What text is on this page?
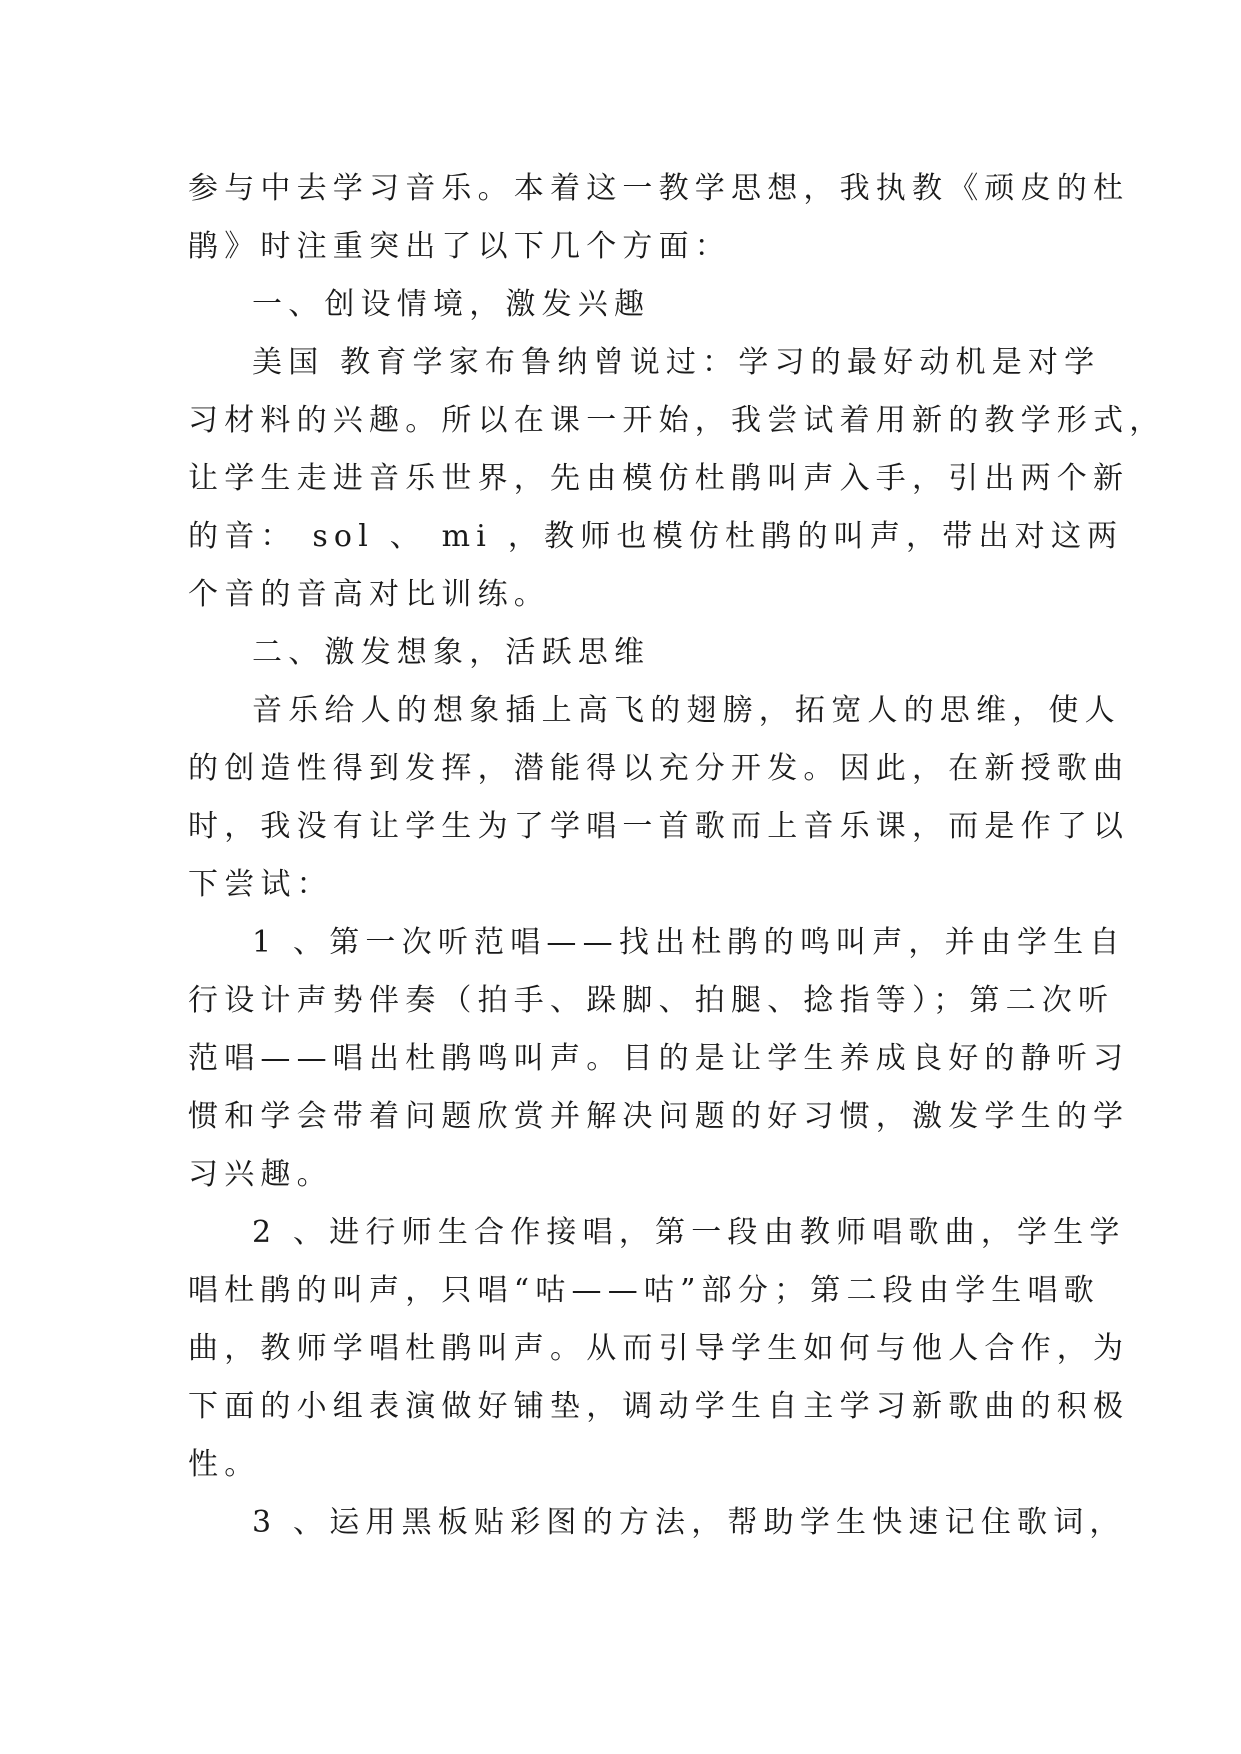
参与中去学习音乐。本着这一教学思想，我执教《顽皮的杜

鹃》时注重突出了以下几个方面：

一、创设情境，激发兴趣

美国 教育学家布鲁纳曾说过：学习的最好动机是对学

习材料的兴趣。所以在课一开始，我尝试着用新的教学形式，

让学生走进音乐世界，先由模仿杜鹃叫声入手，引出两个新

的音： sol 、 mi ，教师也模仿杜鹃的叫声，带出对这两

个音的音高对比训练。

二、激发想象，活跃思维

音乐给人的想象插上高飞的翅膀，拓宽人的思维，使人

的创造性得到发挥，潜能得以充分开发。因此，在新授歌曲

时，我没有让学生为了学唱一首歌而上音乐课，而是作了以

下尝试：

1 、第一次听范唱——找出杜鹃的鸣叫声，并由学生自

行设计声势伴奏（拍手、跺脚、拍腿、捻指等）；第二次听

范唱——唱出杜鹃鸣叫声。目的是让学生养成良好的静听习

惯和学会带着问题欣赏并解决问题的好习惯，激发学生的学

习兴趣。

2 、进行师生合作接唱，第一段由教师唱歌曲，学生学

唱杜鹃的叫声，只唱“咕——咕”部分；第二段由学生唱歌

曲，教师学唱杜鹃叫声。从而引导学生如何与他人合作，为

下面的小组表演做好铺垫，调动学生自主学习新歌曲的积极

性。

3 、运用黑板贴彩图的方法，帮助学生快速记住歌词，
